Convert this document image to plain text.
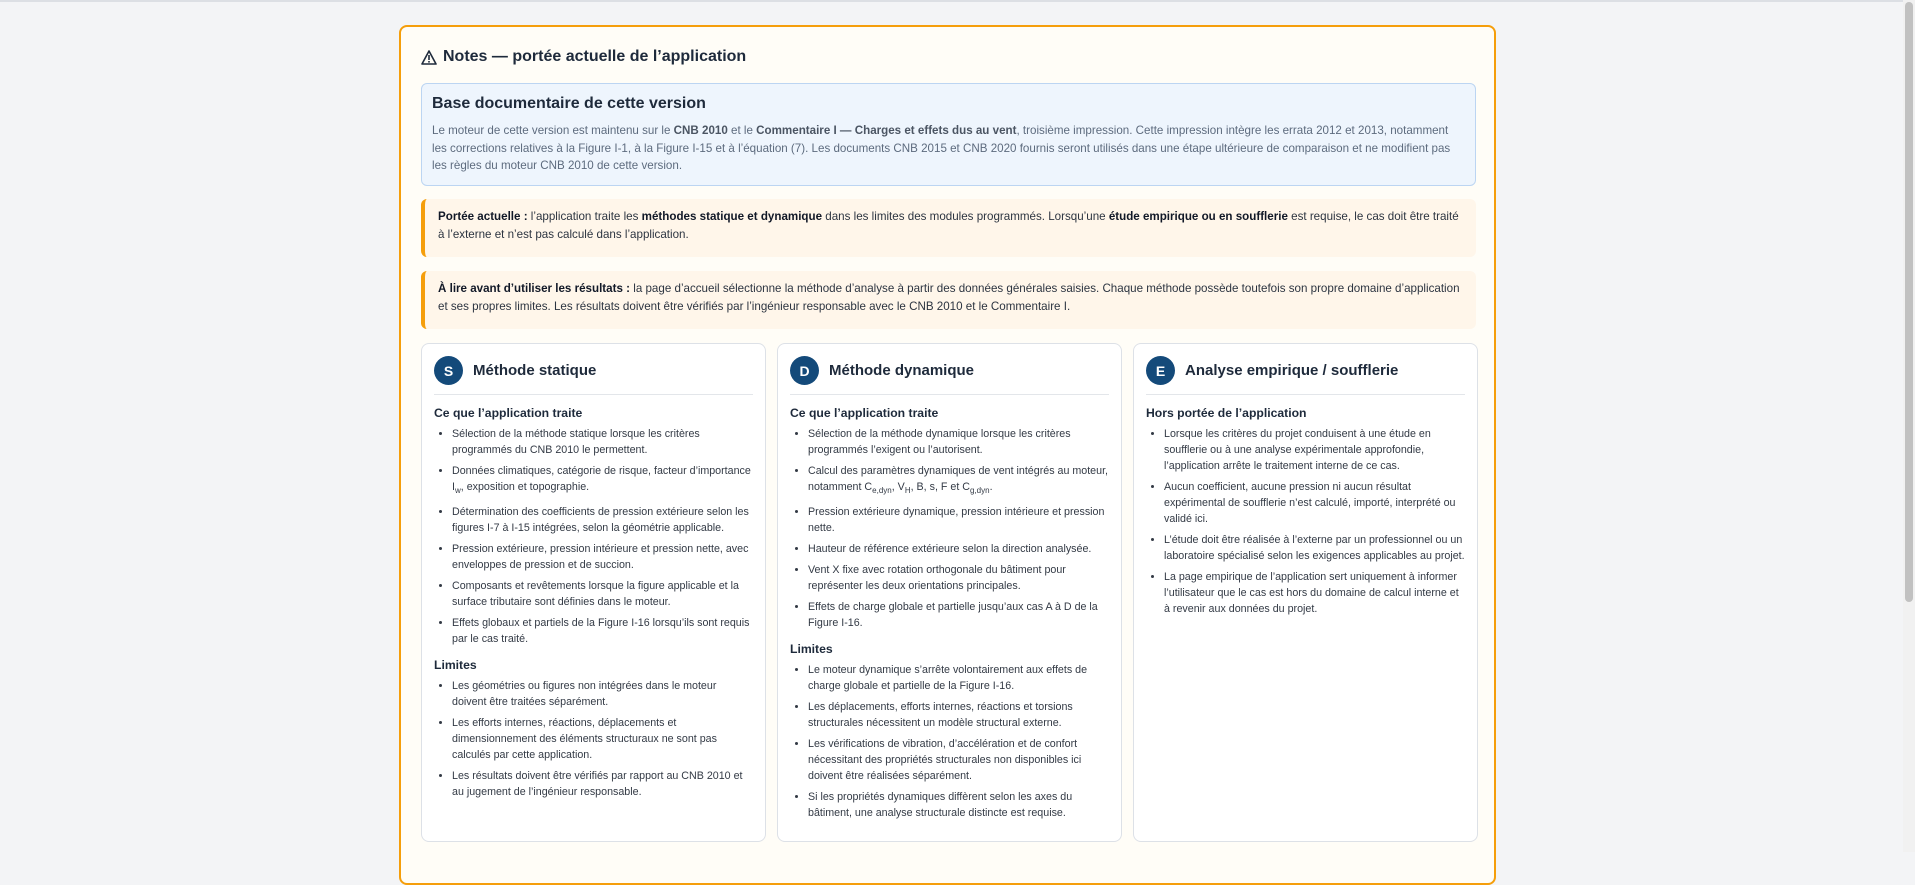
Notes — portée actuelle de l’application
Base documentaire de cette version

Le moteur de cette version est maintenu sur le CNB 2010 et le Commentaire I — Charges et effets dus au vent, troisième impression. Cette impression intègre les errata 2012 et 2013, notamment les corrections relatives à la Figure I-1, à la Figure I-15 et à l’équation (7). Les documents CNB 2015 et CNB 2020 fournis seront utilisés dans une étape ultérieure de comparaison et ne modifient pas les règles du moteur CNB 2010 de cette version.

Portée actuelle : l’application traite les méthodes statique et dynamique dans les limites des modules programmés. Lorsqu’une étude empirique ou en soufflerie est requise, le cas doit être traité à l’externe et n’est pas calculé dans l’application.
À lire avant d’utiliser les résultats : la page d’accueil sélectionne la méthode d’analyse à partir des données générales saisies. Chaque méthode possède toutefois son propre domaine d’application et ses propres limites. Les résultats doivent être vérifiés par l’ingénieur responsable avec le CNB 2010 et le Commentaire I.
S	Méthode statique
Ce que l’application traite
• Sélection de la méthode statique lorsque les critères programmés du CNB 2010 le permettent.
• Données climatiques, catégorie de risque, facteur d’importance $I_w$, exposition et topographie.
• Détermination des coefficients de pression extérieure selon les figures I-7 à I-15 intégrées, selon la géométrie applicable.
• Pression extérieure, pression intérieure et pression nette, avec enveloppes de pression et de succion.
• Composants et revêtements lorsque la figure applicable et la surface tributaire sont définies dans le moteur.
• Effets globaux et partiels de la Figure I-16 lorsqu’ils sont requis par le cas traité.
Limites
• Les géométries ou figures non intégrées dans le moteur doivent être traitées séparément.
• Les efforts internes, réactions, déplacements et dimensionnement des éléments structuraux ne sont pas calculés par cette application.
• Les résultats doivent être vérifiés par rapport au CNB 2010 et au jugement de l’ingénieur responsable.
D	Méthode dynamique
Ce que l’application traite
• Sélection de la méthode dynamique lorsque les critères programmés l’exigent ou l’autorisent.
• Calcul des paramètres dynamiques de vent intégrés au moteur, notamment $C_{e,dyn}$, $V_H$, B, s, F et $C_{g,dyn}$.
• Pression extérieure dynamique, pression intérieure et pression nette.
• Hauteur de référence extérieure selon la direction analysée.
• Vent X fixe avec rotation orthogonale du bâtiment pour représenter les deux orientations principales.
• Effets de charge globale et partielle jusqu’aux cas A à D de la Figure I-16.
Limites
• Le moteur dynamique s’arrête volontairement aux effets de charge globale et partielle de la Figure I-16.
• Les déplacements, efforts internes, réactions et torsions structurales nécessitent un modèle structural externe.
• Les vérifications de vibration, d’accélération et de confort nécessitant des propriétés structurales non disponibles ici doivent être réalisées séparément.
• Si les propriétés dynamiques diffèrent selon les axes du bâtiment, une analyse structurale distincte est requise.
E	Analyse empirique / soufflerie
Hors portée de l’application
• Lorsque les critères du projet conduisent à une étude en soufflerie ou à une analyse expérimentale approfondie, l’application arrête le traitement interne de ce cas.
• Aucun coefficient, aucune pression ni aucun résultat expérimental de soufflerie n’est calculé, importé, interprété ou validé ici.
• L’étude doit être réalisée à l’externe par un professionnel ou un laboratoire spécialisé selon les exigences applicables au projet.
• La page empirique de l’application sert uniquement à informer l’utilisateur que le cas est hors du domaine de calcul interne et à revenir aux données du projet.
